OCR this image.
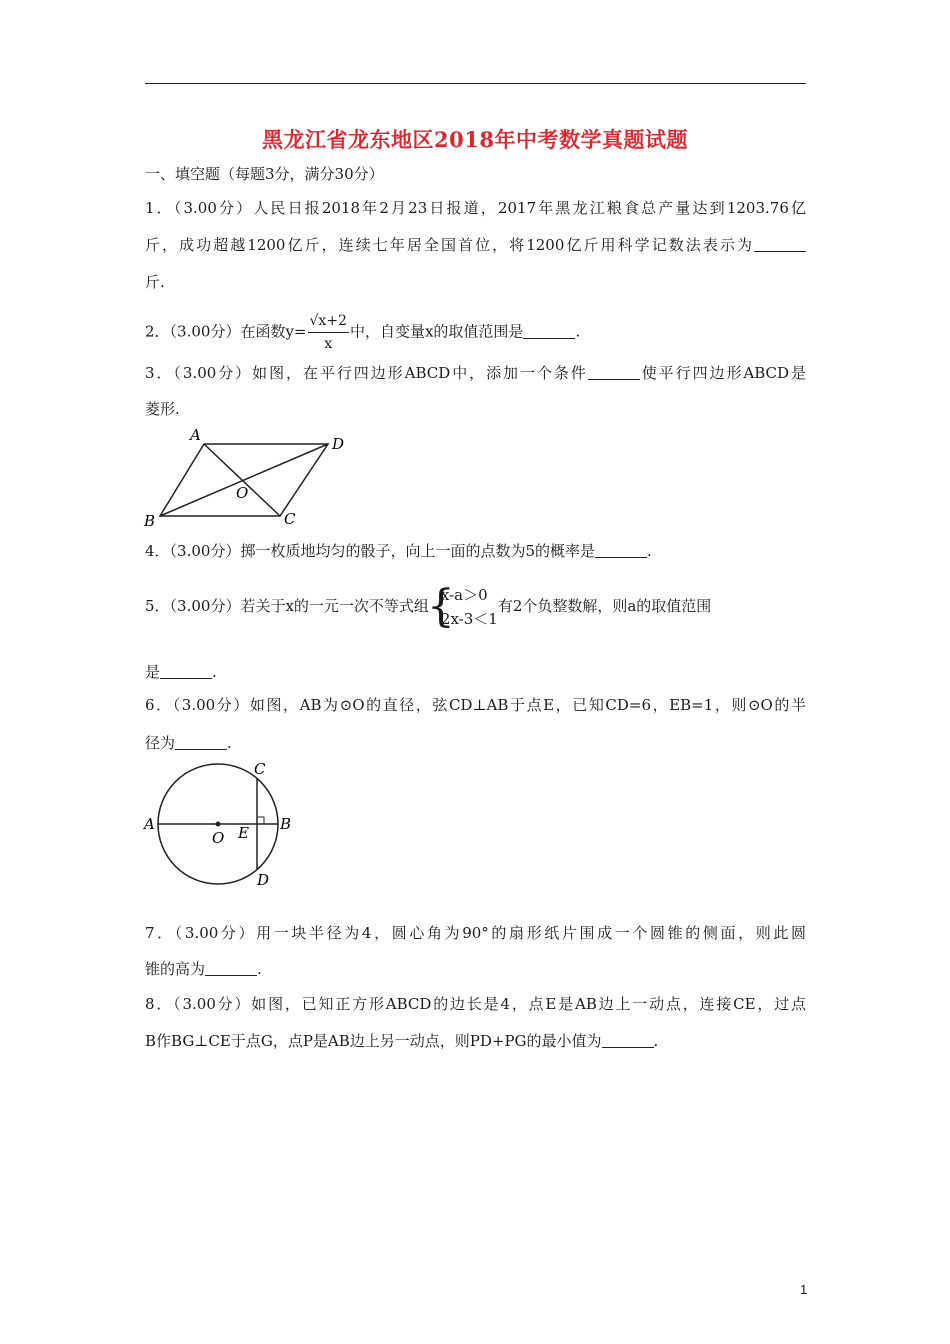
黑龙江省龙东地区2018年中考数学真题试题
一、填空题（每题3分，满分30分）
1．（3.00分）人民日报2018年2月23日报道，2017年黑龙江粮食总产量达到1203.76亿
斤，成功超越1200亿斤，连续七年居全国首位，将1200亿斤用科学记数法表示为
斤.
2．（3.00分）在函数$y= \frac{√x+2}{x}$ 中，自变量x的取值范围是	.
3．（3.00分）如图，在平行四边形ABCD中，添加一个条件	使平行四边形ABCD是
菱形.
A	D
B	C
O
4．（3.00分）掷一枚质地均匀的骰子，向上一面的点数为5的概率是	.
5．（3.00分）若关于x的一元一次不等式组
{
x-a＞0
2x-3＜1
有2个负整数解，则a的取值范围
是	.
6．（3.00分）如图，AB为⊙O的直径，弦CD⊥AB于点E，已知CD=6，EB=1，则⊙O的半
径为	.
A	B
C
D
E
O
7．（3.00分）用一块半径为4，圆心角为90°的扇形纸片围成一个圆锥的侧面，则此圆
锥的高为	.
8．（3.00分）如图，已知正方形ABCD的边长是4，点E是AB边上一动点，连接CE，过点
B作BG⊥CE于点G，点P是AB边上另一动点，则PD+PG的最小值为	.
1
